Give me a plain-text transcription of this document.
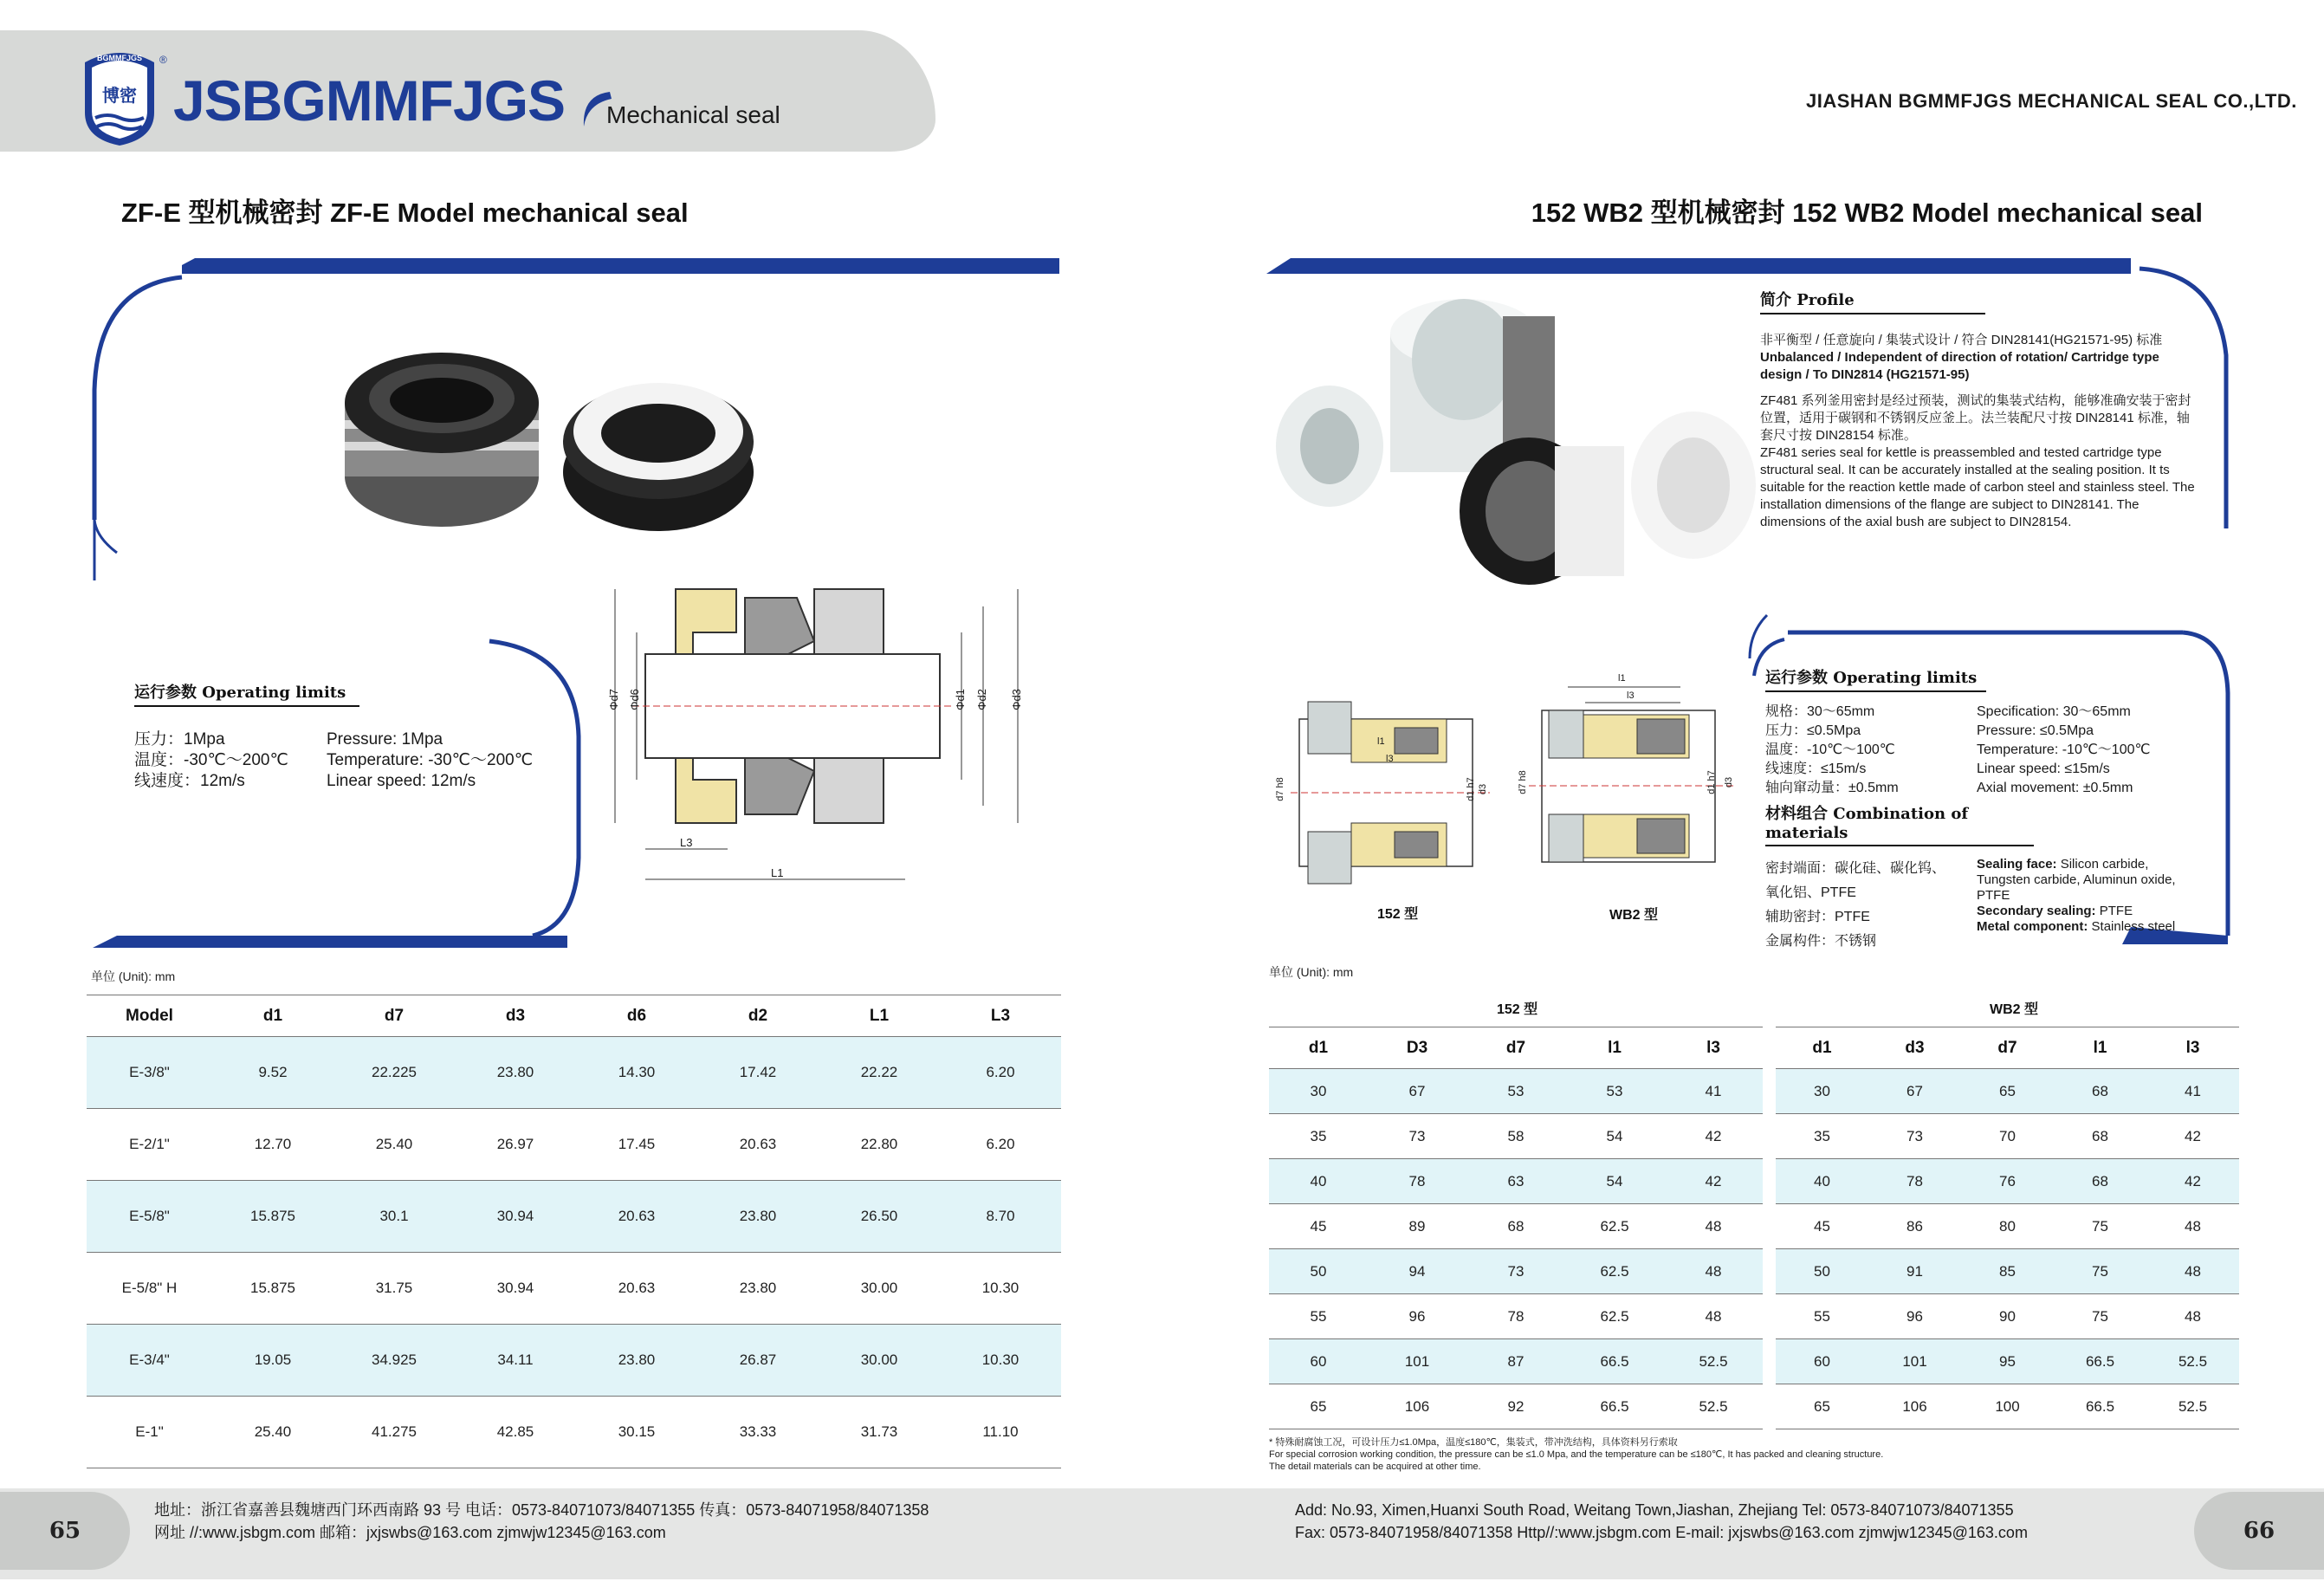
BGMMFJGS
博密
®
JSBGMMFJGS Mechanical seal
JIASHAN BGMMFJGS MECHANICAL SEAL CO.,LTD.
ZF-E 型机械密封 ZF-E Model mechanical seal	152 WB2 型机械密封 152 WB2 Model mechanical seal
Φd7 Φd6	Φd1 Φd2 Φd3
L3
L1
运行参数 Operating limits
压力：1Mpa
温度：-30℃～200℃
线速度：12m/s
Pressure: 1Mpa
Temperature: -30℃～200℃
Linear speed: 12m/s
单位 (Unit): mm
Model	d1	d7	d3	d6	d2	L1	L3
E-3/8"	9.52	22.225	23.80	14.30	17.42	22.22	6.20
E-2/1"	12.70	25.40	26.97	17.45	20.63	22.80	6.20
E-5/8"	15.875	30.1	30.94	20.63	23.80	26.50	8.70
E-5/8" H	15.875	31.75	30.94	20.63	23.80	30.00	10.30
E-3/4"	19.05	34.925	34.11	23.80	26.87	30.00	10.30
E-1"	25.40	41.275	42.85	30.15	33.33	31.73	11.10
简介 Profile
非平衡型 / 任意旋向 / 集装式设计 / 符合 DIN28141(HG21571-95) 标准
Unbalanced / Independent of direction of rotation/ Cartridge type design / To DIN2814 (HG21571-95)
ZF481 系列釜用密封是经过预装，测试的集装式结构，能够准确安装于密封位置，适用于碳钢和不锈钢反应釜上。法兰装配尺寸按 DIN28141 标准，轴套尺寸按 DIN28154 标准。
ZF481 series seal for kettle is preassembled and tested cartridge type structural seal. It can be accurately installed at the sealing position. It ts suitable for the reaction kettle made of carbon steel and stainless steel. The installation dimensions of the flange are subject to DIN28141. The dimensions of the axial bush are subject to DIN28154.
152 型
d7 h8
l1
l3
d1 h7 d3
WB2 型
l1
l3
d7 h8	d1 h7 d3
运行参数 Operating limits
规格：30～65mm
压力：≤0.5Mpa
温度：-10℃～100℃
线速度：≤15m/s
轴向窜动量：±0.5mm
Specification: 30～65mm
Pressure: ≤0.5Mpa
Temperature: -10℃～100℃
Linear speed: ≤15m/s
Axial movement: ±0.5mm
材料组合 Combination of materials
密封端面：碳化硅、碳化钨、
氧化铝、PTFE
辅助密封：PTFE
金属构件：不锈钢
Sealing face: Silicon carbide, Tungsten carbide, Aluminun oxide, PTFE
Secondary sealing: PTFE
Metal component: Stainless steel
单位 (Unit): mm
152 型	WB2 型
d1	D3	d7	l1	l3
30	67	53	53	41
35	73	58	54	42
40	78	63	54	42
45	89	68	62.5	48
50	94	73	62.5	48
55	96	78	62.5	48
60	101	87	66.5	52.5
65	106	92	66.5	52.5
d1	d3	d7	l1	l3
30	67	65	68	41
35	73	70	68	42
40	78	76	68	42
45	86	80	75	48
50	91	85	75	48
55	96	90	75	48
60	101	95	66.5	52.5
65	106	100	66.5	52.5
* 特殊耐腐蚀工况，可设计压力≤1.0Mpa，温度≤180℃，集装式，带冲洗结构，具体资料另行索取
For special corrosion working condition, the pressure can be ≤1.0 Mpa, and the temperature can be ≤180℃, It has packed and cleaning structure.
The detail materials can be acquired at other time.
65	66
地址：浙江省嘉善县魏塘西门环西南路 93 号 电话：0573-84071073/84071355 传真：0573-84071958/84071358
网址 //:www.jsbgm.com 邮箱：jxjswbs@163.com zjmwjw12345@163.com
Add: No.93, Ximen,Huanxi South Road, Weitang Town,Jiashan, Zhejiang Tel: 0573-84071073/84071355
Fax: 0573-84071958/84071358 Http//:www.jsbgm.com E-mail: jxjswbs@163.com zjmwjw12345@163.com
